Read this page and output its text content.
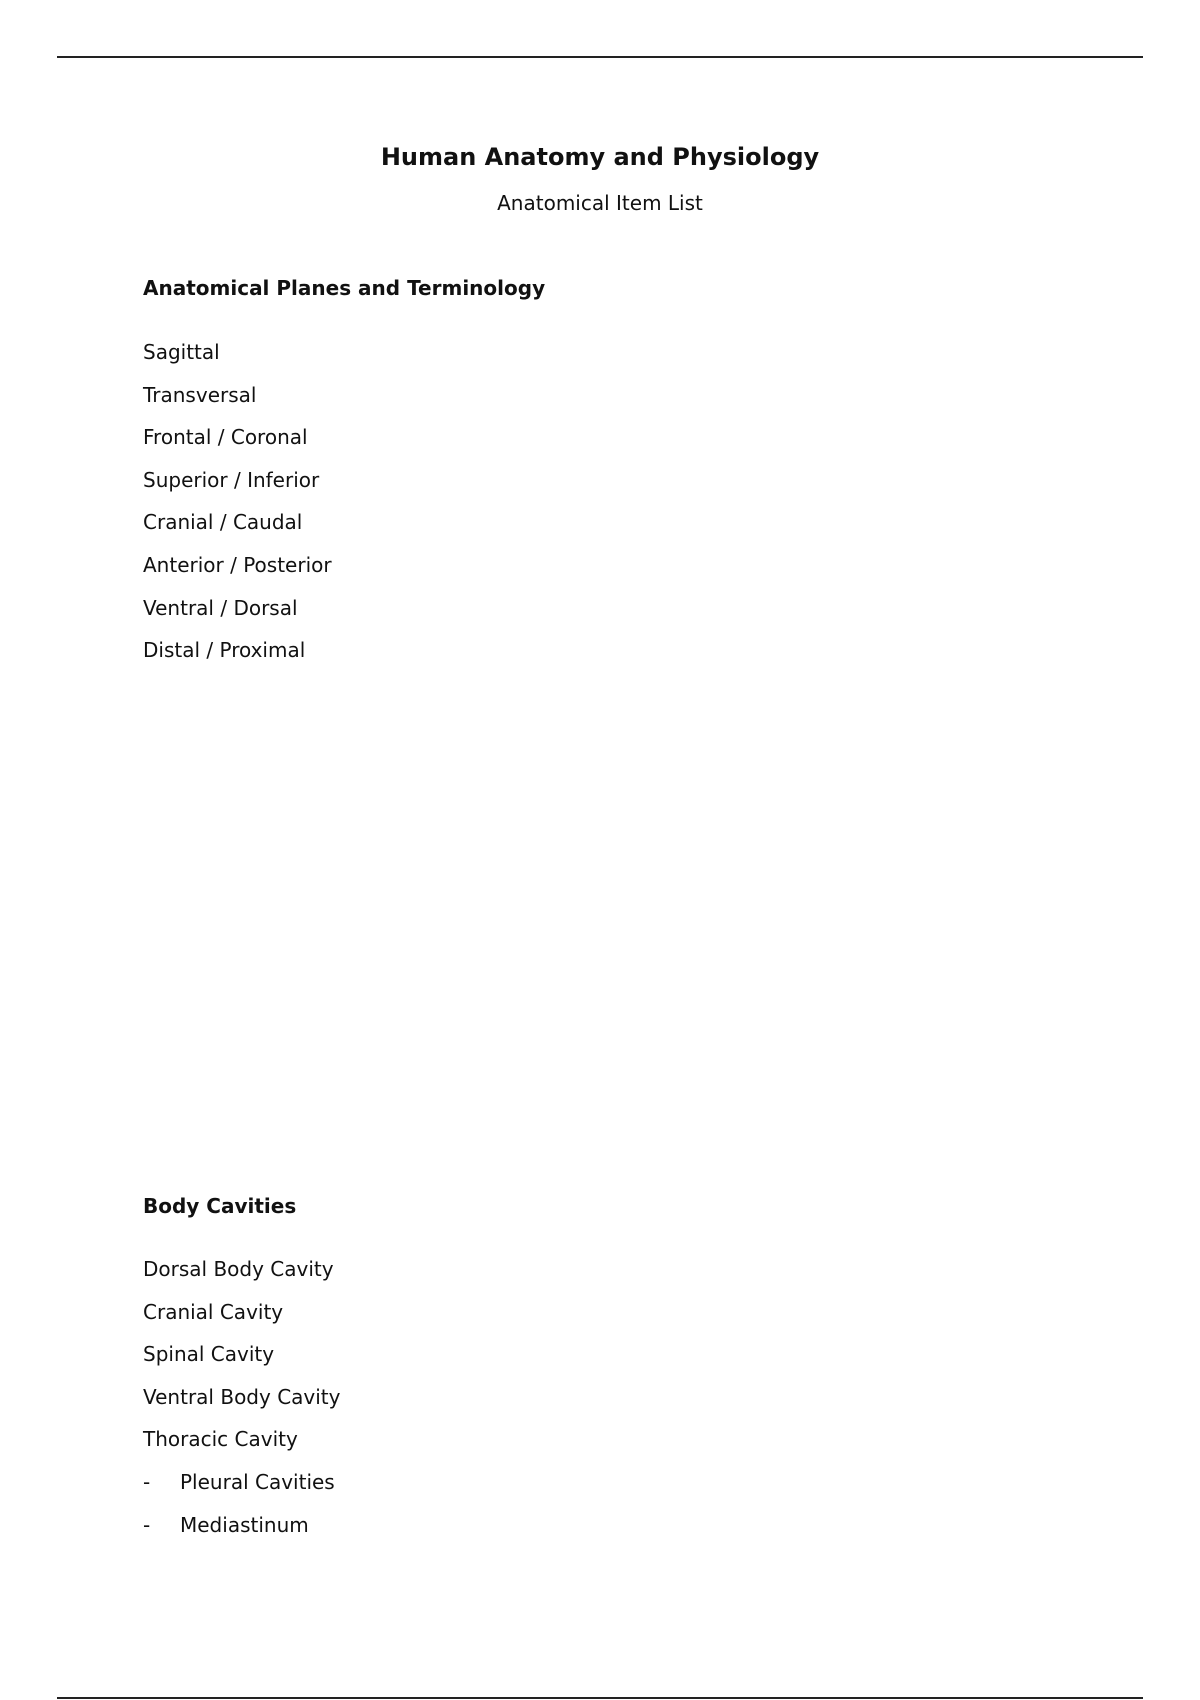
Human Anatomy and Physiology
Anatomical Item List
Anatomical Planes and Terminology
Sagittal
Transversal
Frontal / Coronal
Superior / Inferior
Cranial / Caudal
Anterior / Posterior
Ventral / Dorsal
Distal / Proximal
Body Cavities
Dorsal Body Cavity
Cranial Cavity
Spinal Cavity
Ventral Body Cavity
Thoracic Cavity
- Pleural Cavities
- Mediastinum
